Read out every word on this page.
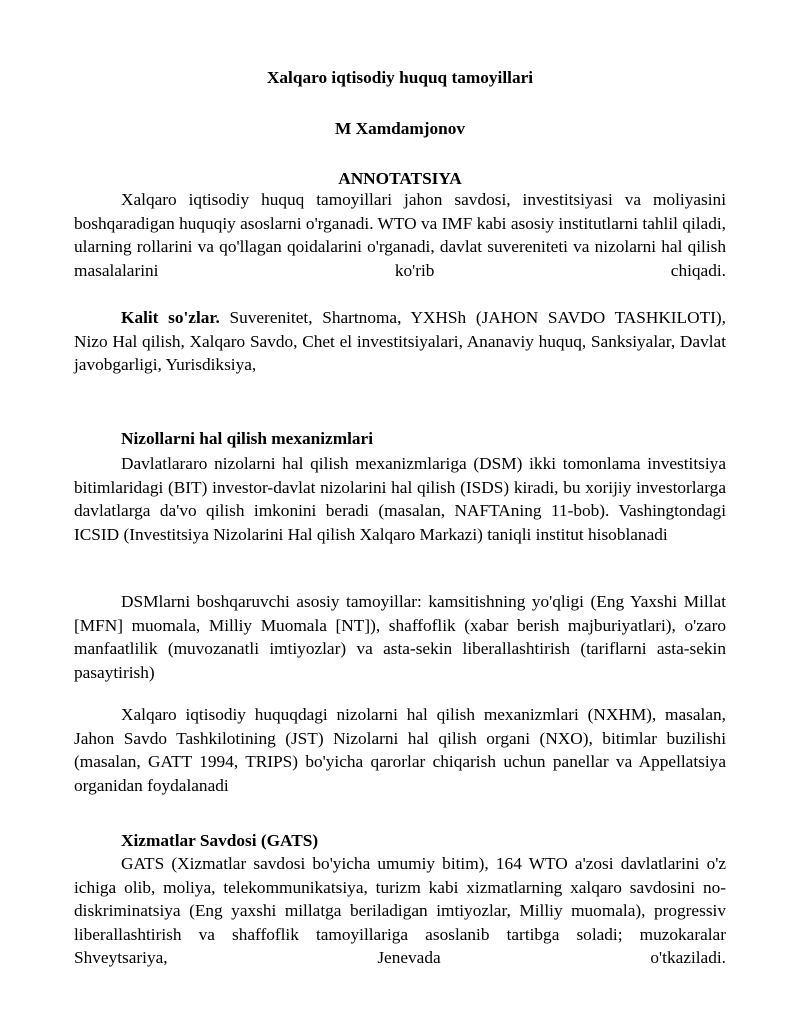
Xalqaro iqtisodiy huquq tamoyillari

M Xamdamjonov

ANNOTATSIYA

Xalqaro iqtisodiy huquq tamoyillari jahon savdosi, investitsiyasi va moliyasini boshqaradigan huquqiy asoslarni o'rganadi. WTO va IMF kabi asosiy institutlarni tahlil qiladi, ularning rollarini va qo'llagan qoidalarini o'rganadi, davlat suvereniteti va nizolarni hal qilish masalalarini ko'rib chiqadi.

Kalit so'zlar. Suverenitet, Shartnoma, YXHSh (JAHON SAVDO TASHKILOTI), Nizo Hal qilish, Xalqaro Savdo, Chet el investitsiyalari, Ananaviy huquq, Sanksiyalar, Davlat javobgarligi, Yurisdiksiya,

Nizollarni hal qilish mexanizmlari

Davlatlararo nizolarni hal qilish mexanizmlariga (DSM) ikki tomonlama investitsiya bitimlaridagi (BIT) investor-davlat nizolarini hal qilish (ISDS) kiradi, bu xorijiy investorlarga davlatlarga da'vo qilish imkonini beradi (masalan, NAFTAning 11-bob). Vashingtondagi ICSID (Investitsiya Nizolarini Hal qilish Xalqaro Markazi) taniqli institut hisoblanadi

DSMlarni boshqaruvchi asosiy tamoyillar: kamsitishning yo'qligi (Eng Yaxshi Millat [MFN] muomala, Milliy Muomala [NT]), shaffoflik (xabar berish majburiyatlari), o'zaro manfaatlilik (muvozanatli imtiyozlar) va asta-sekin liberallashtirish (tariflarni asta-sekin pasaytirish)

Xalqaro iqtisodiy huquqdagi nizolarni hal qilish mexanizmlari (NXHM), masalan, Jahon Savdo Tashkilotining (JST) Nizolarni hal qilish organi (NXO), bitimlar buzilishi (masalan, GATT 1994, TRIPS) bo'yicha qarorlar chiqarish uchun panellar va Appellatsiya organidan foydalanadi

Xizmatlar Savdosi (GATS)

GATS (Xizmatlar savdosi bo'yicha umumiy bitim), 164 WTO a'zosi davlatlarini o'z ichiga olib, moliya, telekommunikatsiya, turizm kabi xizmatlarning xalqaro savdosini no-diskriminatsiya (Eng yaxshi millatga beriladigan imtiyozlar, Milliy muomala), progressiv liberallashtirish va shaffoflik tamoyillariga asoslanib tartibga soladi; muzokaralar Shveytsariya, Jenevada o'tkaziladi.
